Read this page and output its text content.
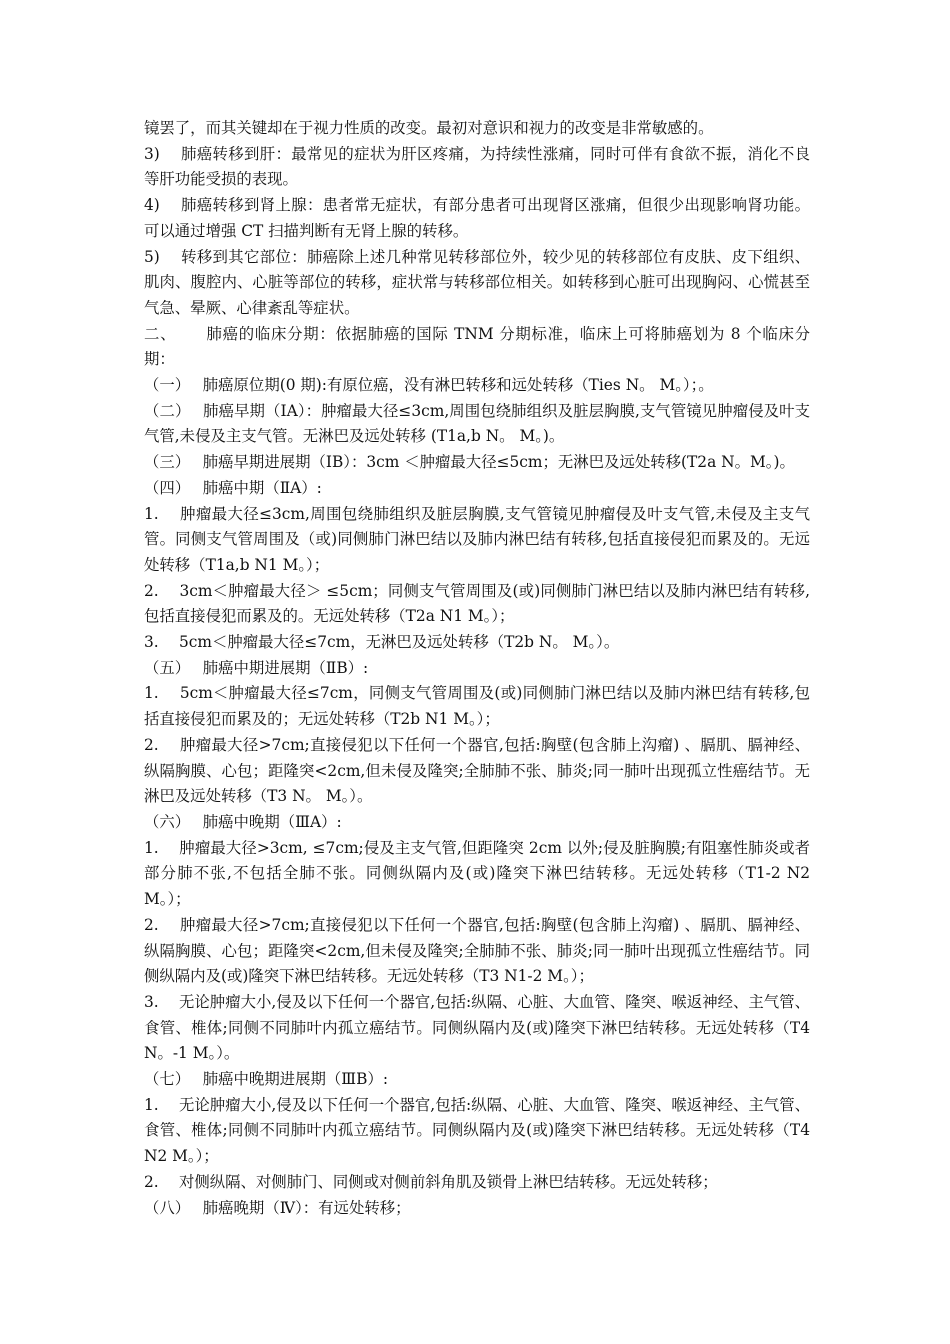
镜罢了，而其关键却在于视力性质的改变。最初对意识和视力的改变是非常敏感的。

3)　 肺癌转移到肝：最常见的症状为肝区疼痛，为持续性涨痛，同时可伴有食欲不振，消化不良等肝功能受损的表现。

4)　 肺癌转移到肾上腺：患者常无症状，有部分患者可出现肾区涨痛，但很少出现影响肾功能。可以通过增强 CT 扫描判断有无肾上腺的转移。

5)　 转移到其它部位：肺癌除上述几种常见转移部位外，较少见的转移部位有皮肤、皮下组织、肌肉、腹腔内、心脏等部位的转移，症状常与转移部位相关。如转移到心脏可出现胸闷、心慌甚至气急、晕厥、心律紊乱等症状。

二、　　 肺癌的临床分期：依据肺癌的国际 TNM 分期标准，临床上可将肺癌划为 8 个临床分期：

（一）　 肺癌原位期(0 期):有原位癌，没有淋巴转移和远处转移（Ties N。 M。）；。

（二）　 肺癌早期（ⅠA）：肿瘤最大径≤3cm,周围包绕肺组织及脏层胸膜,支气管镜见肿瘤侵及叶支气管,未侵及主支气管。无淋巴及远处转移 (T1a,b N。 M。)。

（三）　 肺癌早期进展期（ⅠB）：3cm ＜肿瘤最大径≤5cm；无淋巴及远处转移(T2a N。M。)。

（四）　 肺癌中期（ⅡA）:

1.　 肿瘤最大径≤3cm,周围包绕肺组织及脏层胸膜,支气管镜见肿瘤侵及叶支气管,未侵及主支气管。同侧支气管周围及（或)同侧肺门淋巴结以及肺内淋巴结有转移,包括直接侵犯而累及的。无远处转移（T1a,b N1 M。）；

2.　 3cm＜肿瘤最大径＞ ≤5cm；同侧支气管周围及(或)同侧肺门淋巴结以及肺内淋巴结有转移,包括直接侵犯而累及的。无远处转移（T2a N1 M。）；

3.　 5cm＜肿瘤最大径≤7cm，无淋巴及远处转移（T2b N。 M。）。

（五）　 肺癌中期进展期（ⅡB）:

1.　 5cm＜肿瘤最大径≤7cm，同侧支气管周围及(或)同侧肺门淋巴结以及肺内淋巴结有转移,包括直接侵犯而累及的；无远处转移（T2b N1 M。）；

2.　 肿瘤最大径>7cm;直接侵犯以下任何一个器官,包括:胸壁(包含肺上沟瘤) 、膈肌、膈神经、纵隔胸膜、心包；距隆突<2cm,但未侵及隆突;全肺肺不张、肺炎;同一肺叶出现孤立性癌结节。无淋巴及远处转移（T3 N。 M。）。

（六）　 肺癌中晚期（ⅢA）:

1.　 肿瘤最大径>3cm, ≤7cm;侵及主支气管,但距隆突 2cm 以外;侵及脏胸膜;有阻塞性肺炎或者部分肺不张,不包括全肺不张。同侧纵隔内及(或)隆突下淋巴结转移。无远处转移（T1-2 N2 M。）；

2.　 肿瘤最大径>7cm;直接侵犯以下任何一个器官,包括:胸壁(包含肺上沟瘤) 、膈肌、膈神经、纵隔胸膜、心包；距隆突<2cm,但未侵及隆突;全肺肺不张、肺炎;同一肺叶出现孤立性癌结节。同侧纵隔内及(或)隆突下淋巴结转移。无远处转移（T3 N1-2 M。）；

3.　 无论肿瘤大小,侵及以下任何一个器官,包括:纵隔、心脏、大血管、隆突、喉返神经、主气管、食管、椎体;同侧不同肺叶内孤立癌结节。同侧纵隔内及(或)隆突下淋巴结转移。无远处转移（T4 N。-1 M。）。

（七）　 肺癌中晚期进展期（ⅢB）:

1.　 无论肿瘤大小,侵及以下任何一个器官,包括:纵隔、心脏、大血管、隆突、喉返神经、主气管、食管、椎体;同侧不同肺叶内孤立癌结节。同侧纵隔内及(或)隆突下淋巴结转移。无远处转移（T4 N2 M。）；

2.　 对侧纵隔、对侧肺门、同侧或对侧前斜角肌及锁骨上淋巴结转移。无远处转移；

（八）　 肺癌晚期（Ⅳ）：有远处转移；
